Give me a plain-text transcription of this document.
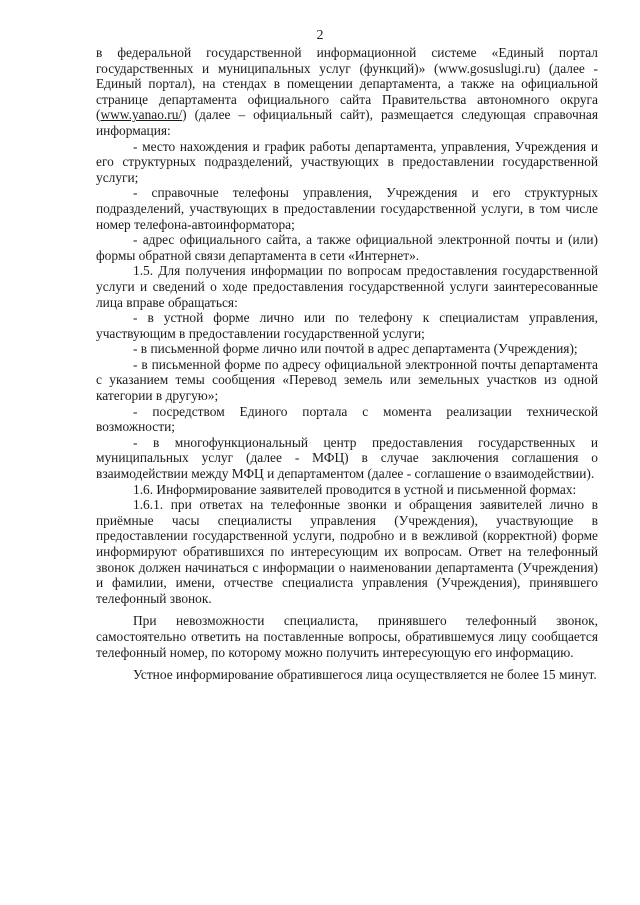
2

в федеральной государственной информационной системе «Единый портал государственных и муниципальных услуг (функций)» (www.gosuslugi.ru) (далее - Единый портал), на стендах в помещении департамента, а также на официальной странице департамента официального сайта Правительства автономного округа (www.yanao.ru/) (далее – официальный сайт), размещается следующая справочная информация:

- место нахождения и график работы департамента, управления, Учреждения и его структурных подразделений, участвующих в предоставлении государственной услуги;

- справочные телефоны управления, Учреждения и его структурных подразделений, участвующих в предоставлении государственной услуги, в том числе номер телефона-автоинформатора;

- адрес официального сайта, а также официальной электронной почты и (или) формы обратной связи департамента в сети «Интернет».

1.5. Для получения информации по вопросам предоставления государственной услуги и сведений о ходе предоставления государственной услуги заинтересованные лица вправе обращаться:

- в устной форме лично или по телефону к специалистам управления, участвующим в предоставлении государственной услуги;

- в письменной форме лично или почтой в адрес департамента (Учреждения);

- в письменной форме по адресу официальной электронной почты департамента с указанием темы сообщения «Перевод земель или земельных участков из одной категории в другую»;

- посредством Единого портала с момента реализации технической возможности;

- в многофункциональный центр предоставления государственных и муниципальных услуг (далее - МФЦ) в случае заключения соглашения о взаимодействии между МФЦ и департаментом (далее - соглашение о взаимодействии).

1.6. Информирование заявителей проводится в устной и письменной формах:

1.6.1. при ответах на телефонные звонки и обращения заявителей лично в приёмные часы специалисты управления (Учреждения), участвующие в предоставлении государственной услуги, подробно и в вежливой (корректной) форме информируют обратившихся по интересующим их вопросам. Ответ на телефонный звонок должен начинаться с информации о наименовании департамента (Учреждения) и фамилии, имени, отчестве специалиста управления (Учреждения), принявшего телефонный звонок.

При невозможности специалиста, принявшего телефонный звонок, самостоятельно ответить на поставленные вопросы, обратившемуся лицу сообщается телефонный номер, по которому можно получить интересующую его информацию.

Устное информирование обратившегося лица осуществляется не более 15 минут.
